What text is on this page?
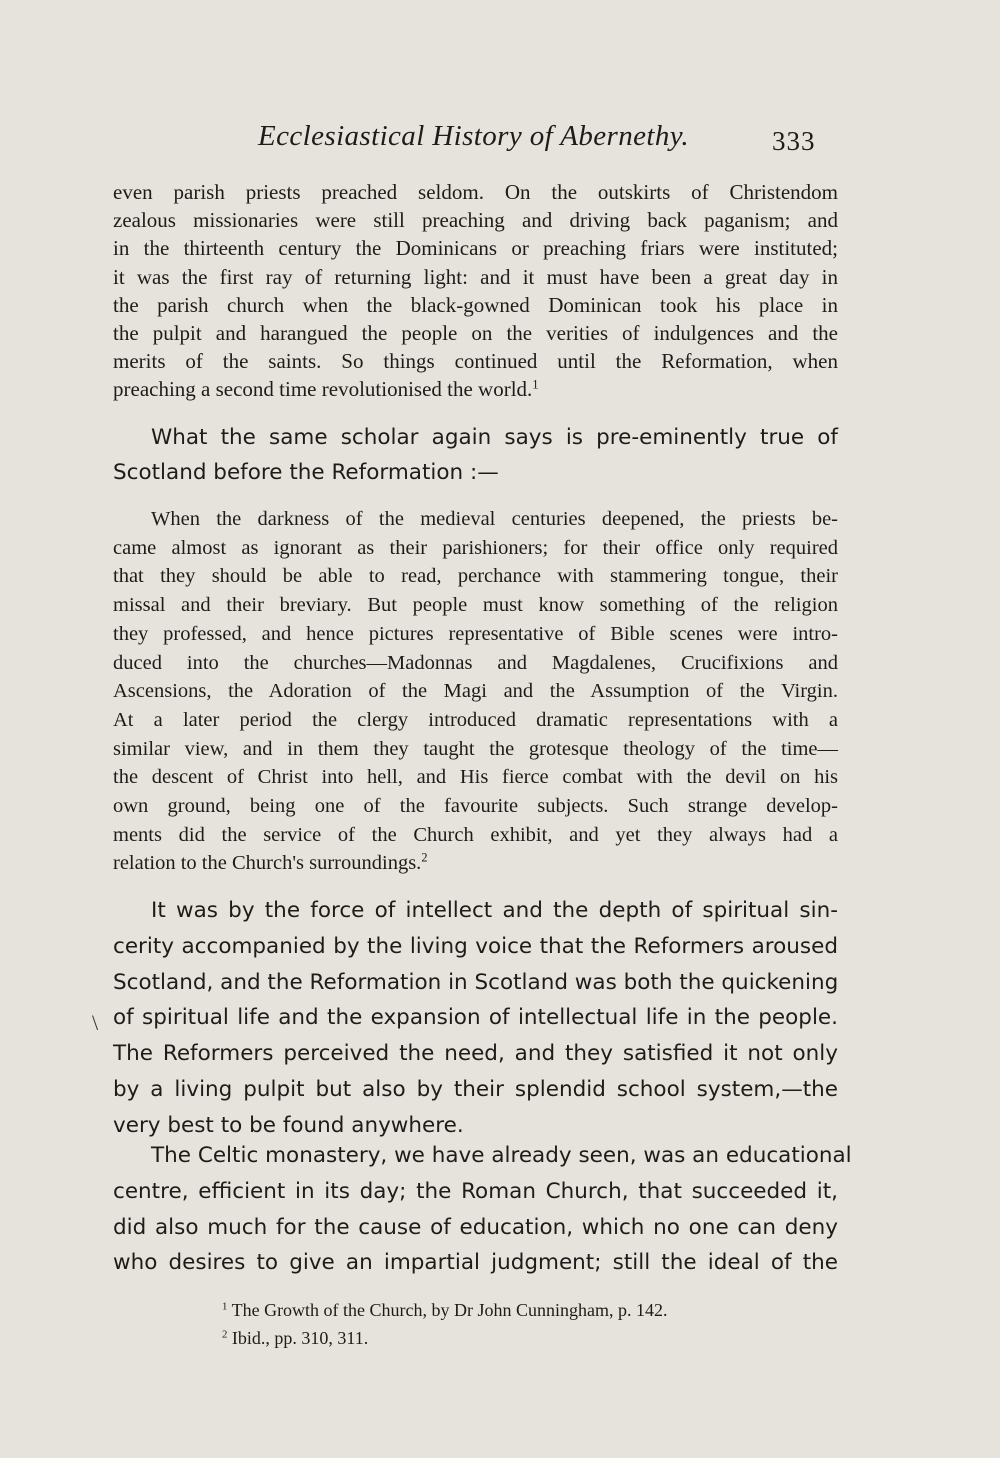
Ecclesiastical History of Abernethy.	333
even parish priests preached seldom. On the outskirts of Christendom
zealous missionaries were still preaching and driving back paganism; and
in the thirteenth century the Dominicans or preaching friars were instituted;
it was the first ray of returning light: and it must have been a great day in
the parish church when the black-gowned Dominican took his place in
the pulpit and harangued the people on the verities of indulgences and the
merits of the saints. So things continued until the Reformation, when
preaching a second time revolutionised the world.$^1$
What the same scholar again says is pre-eminently true of
Scotland before the Reformation :—
When the darkness of the medieval centuries deepened, the priests be-
came almost as ignorant as their parishioners; for their office only required
that they should be able to read, perchance with stammering tongue, their
missal and their breviary. But people must know something of the religion
they professed, and hence pictures representative of Bible scenes were intro-
duced into the churches—Madonnas and Magdalenes, Crucifixions and
Ascensions, the Adoration of the Magi and the Assumption of the Virgin.
At a later period the clergy introduced dramatic representations with a
similar view, and in them they taught the grotesque theology of the time—
the descent of Christ into hell, and His fierce combat with the devil on his
own ground, being one of the favourite subjects. Such strange develop-
ments did the service of the Church exhibit, and yet they always had a
relation to the Church's surroundings.$^2$
It was by the force of intellect and the depth of spiritual sin-
cerity accompanied by the living voice that the Reformers aroused
Scotland, and the Reformation in Scotland was both the quickening
of spiritual life and the expansion of intellectual life in the people.
The Reformers perceived the need, and they satisfied it not only
by a living pulpit but also by their splendid school system,—the
very best to be found anywhere.
\
The Celtic monastery, we have already seen, was an educational
centre, efficient in its day; the Roman Church, that succeeded it,
did also much for the cause of education, which no one can deny
who desires to give an impartial judgment; still the ideal of the
$^1$ The Growth of the Church, by Dr John Cunningham, p. 142.
$^2$ Ibid., pp. 310, 311.
